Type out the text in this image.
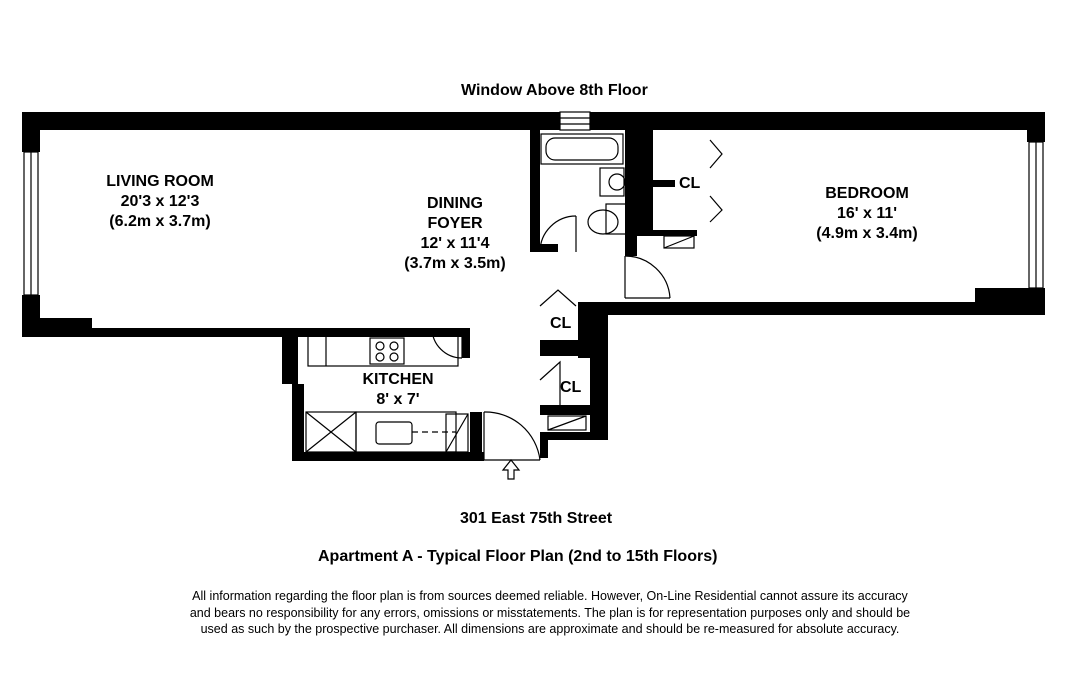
Window Above 8th Floor
LIVING ROOM
20'3 x 12'3
(6.2m x 3.7m)
DINING
FOYER
12' x 11'4
(3.7m x 3.5m)
BEDROOM
16' x 11'
(4.9m x 3.4m)
KITCHEN
8' x 7'
CL
CL
CL
301 East 75th Street
Apartment A - Typical Floor Plan (2nd to 15th Floors)
All information regarding the floor plan is from sources deemed reliable. However, On-Line Residential cannot assure its accuracy
and bears no responsibility for any errors, omissions or misstatements. The plan is for representation purposes only and should be
used as such by the prospective purchaser. All dimensions are approximate and should be re-measured for absolute accuracy.
